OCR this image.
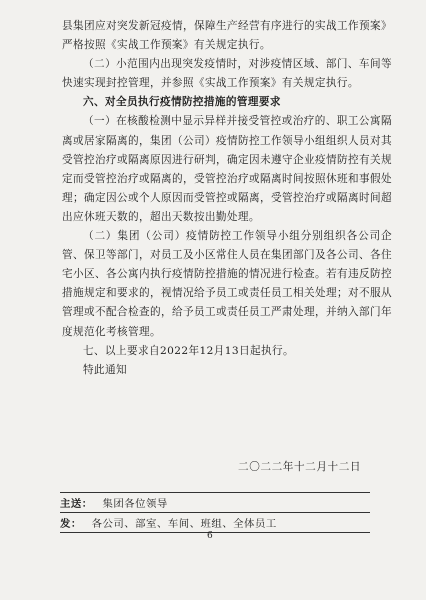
县集团应对突发新冠疫情，保障生产经营有序进行的实战工作预案》严格按照《实战工作预案》有关规定执行。

（二）小范围内出现突发疫情时，对涉疫情区域、部门、车间等快速实现封控管理，并参照《实战工作预案》有关规定执行。

六、对全员执行疫情防控措施的管理要求

（一）在核酸检测中显示异样并接受管控或治疗的、职工公寓隔离或居家隔离的，集团（公司）疫情防控工作领导小组组织人员对其受管控治疗或隔离原因进行研判，确定因未遵守企业疫情防控有关规定而受管控治疗或隔离的，受管控治疗或隔离时间按照休班和事假处理；确定因公或个人原因而受管控或隔离，受管控治疗或隔离时间超出应休班天数的，超出天数按出勤处理。

（二）集团（公司）疫情防控工作领导小组分别组织各公司企管、保卫等部门，对员工及小区常住人员在集团部门及各公司、各住宅小区、各公寓内执行疫情防控措施的情况进行检查。若有违反防控措施规定和要求的，视情况给予员工或责任员工相关处理；对不服从管理或不配合检查的，给予员工或责任员工严肃处理，并纳入部门年度规范化考核管理。

七、以上要求自2022年12月13日起执行。

特此通知

二〇二二年十二月十二日
主送： 集团各位领导
发： 各公司、部室、车间、班组、全体员工
6
